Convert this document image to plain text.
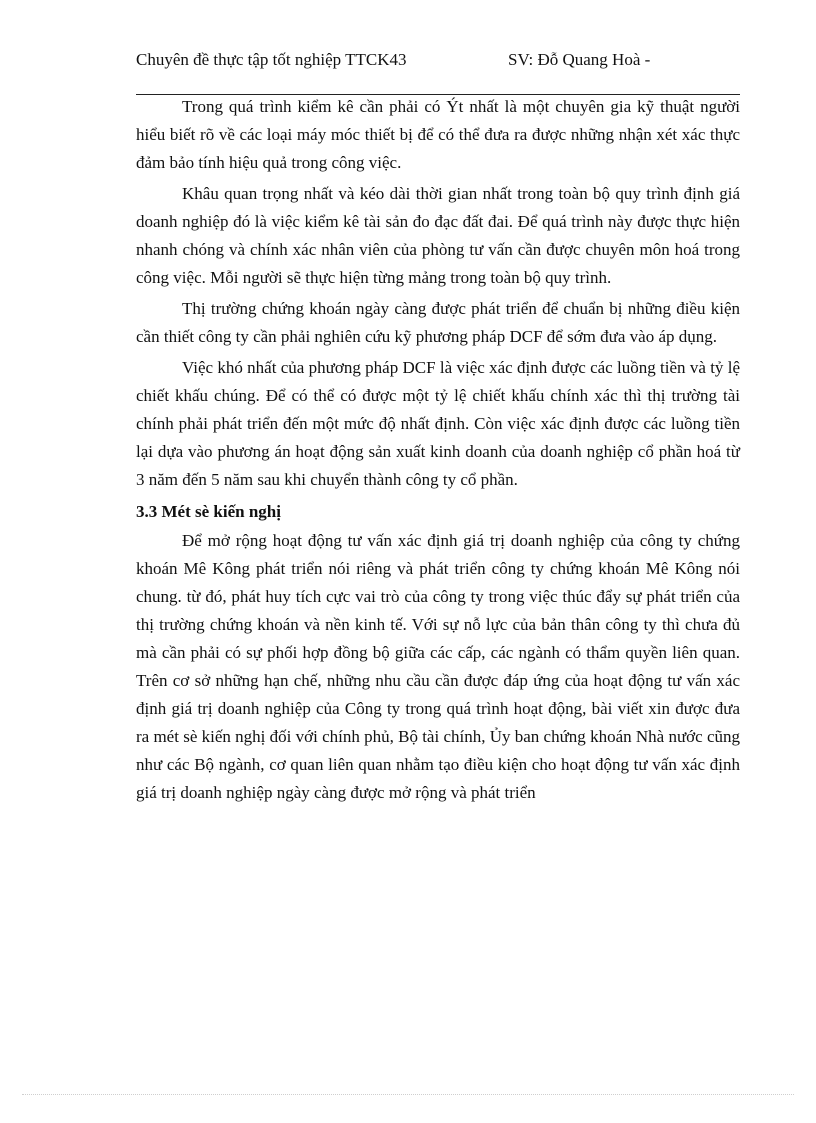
Chuyên đề thực tập tốt nghiệp TTCK43	SV: Đỗ Quang Hoà -

Trong quá trình kiểm kê cần phải có Ýt nhất là một chuyên gia kỹ thuật người hiểu biết rõ về các loại máy móc thiết bị để có thể đưa ra được những nhận xét xác thực đảm bảo tính hiệu quả trong công việc.

Khâu quan trọng nhất và kéo dài thời gian nhất trong toàn bộ quy trình định giá doanh nghiệp đó là việc kiểm kê tài sản đo đạc đất đai. Để quá trình này được thực hiện nhanh chóng và chính xác nhân viên của phòng tư vấn cần được chuyên môn hoá trong công việc. Mỗi người sẽ thực hiện từng mảng trong toàn bộ quy trình.

Thị trường chứng khoán ngày càng được phát triển để chuẩn bị những điều kiện cần thiết công ty cần phải nghiên cứu kỹ phương pháp DCF để sớm đưa vào áp dụng.

Việc khó nhất của phương pháp DCF là việc xác định được các luồng tiền và tỷ lệ chiết khấu chúng. Để có thể có được một tỷ lệ chiết khấu chính xác thì thị trường tài chính phải phát triển đến một mức độ nhất định. Còn việc xác định được các luồng tiền lại dựa vào phương án hoạt động sản xuất kinh doanh của doanh nghiệp cổ phần hoá từ 3 năm đến 5 năm sau khi chuyển thành công ty cổ phần.

3.3 Mét sè kiến nghị

Để mở rộng hoạt động tư vấn xác định giá trị doanh nghiệp của công ty chứng khoán Mê Kông phát triển nói riêng và phát triển công ty chứng khoán Mê Kông nói chung. từ đó, phát huy tích cực vai trò của công ty trong việc thúc đẩy sự phát triển của thị trường chứng khoán và nền kinh tế. Với sự nỗ lực của bản thân công ty thì chưa đủ mà cần phải có sự phối hợp đồng bộ giữa các cấp, các ngành có thẩm quyền liên quan. Trên cơ sở những hạn chế, những nhu cầu cần được đáp ứng của hoạt động tư vấn xác định giá trị doanh nghiệp của Công ty trong quá trình hoạt động, bài viết xin được đưa ra mét sè kiến nghị đối với chính phủ, Bộ tài chính, Ủy ban chứng khoán Nhà nước cũng như các Bộ ngành, cơ quan liên quan nhằm tạo điều kiện cho hoạt động tư vấn xác định giá trị doanh nghiệp ngày càng được mở rộng và phát triển
